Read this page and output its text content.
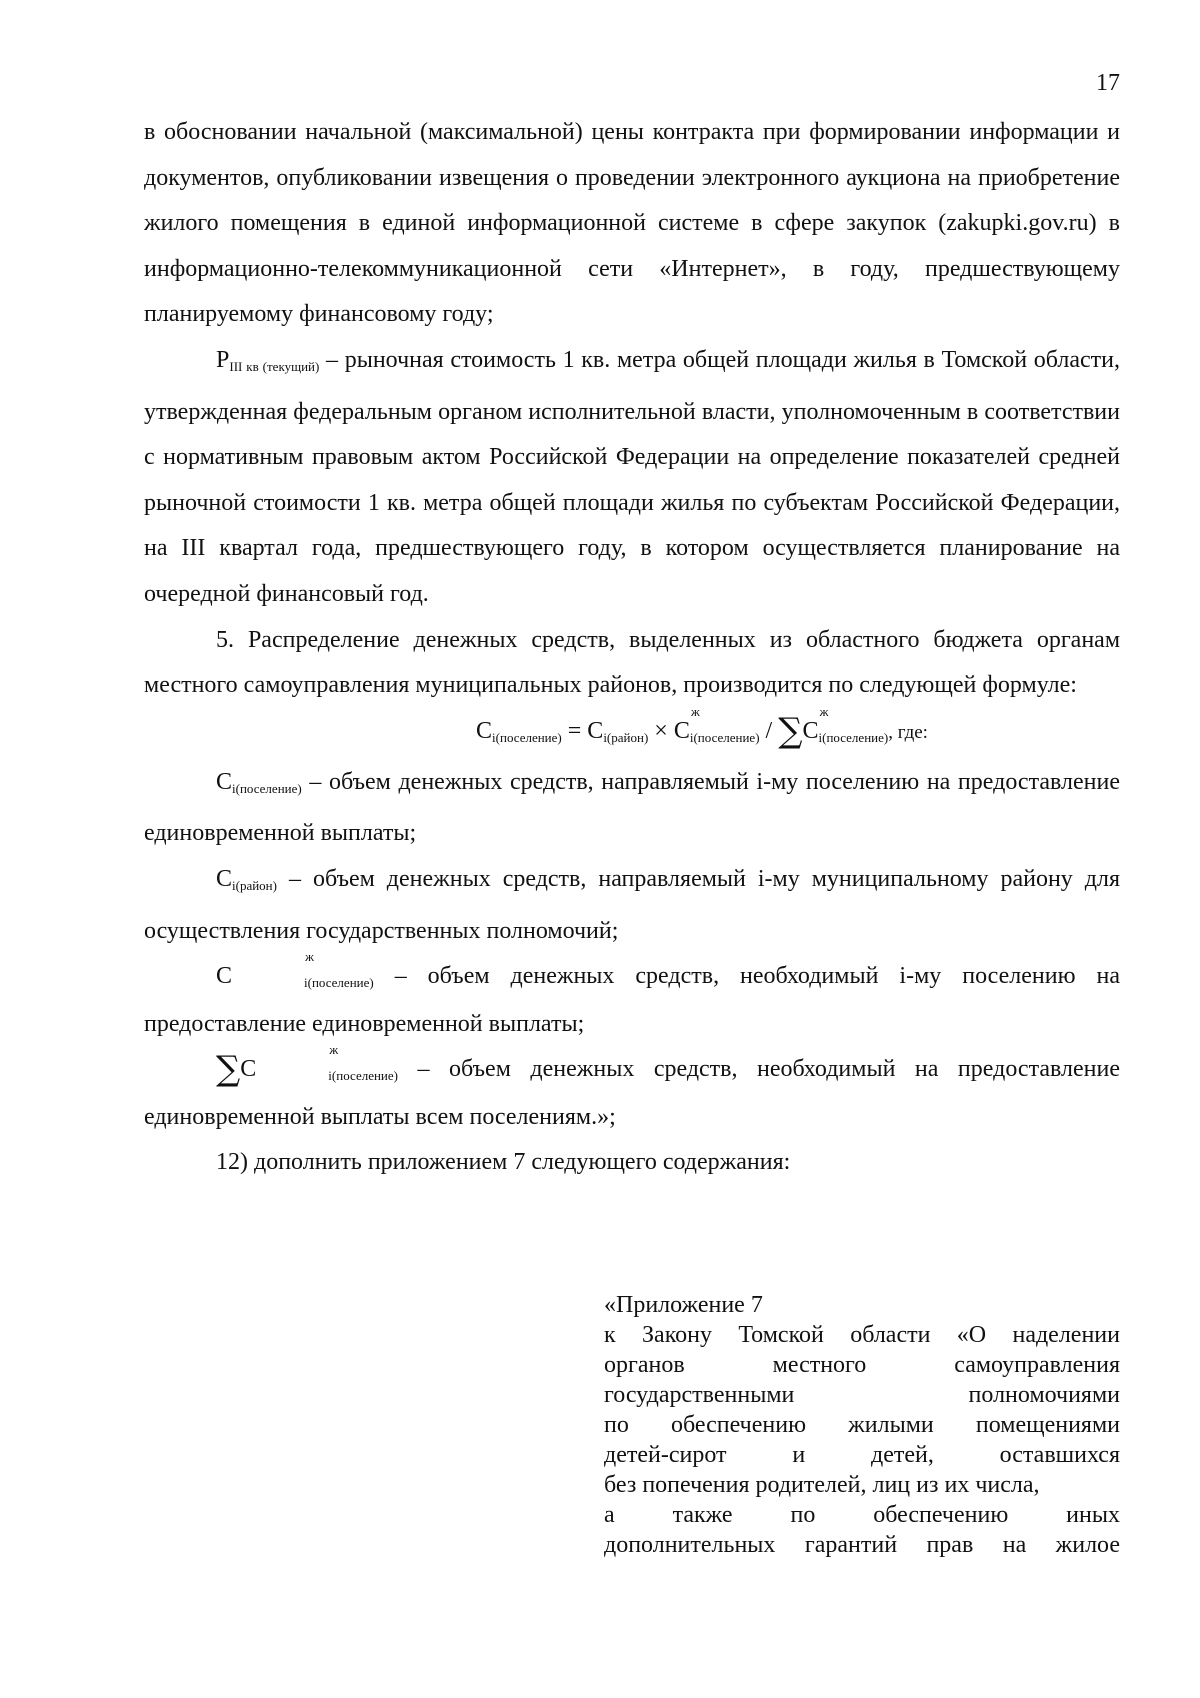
17

в обосновании начальной (максимальной) цены контракта при формировании информации и документов, опубликовании извещения о проведении электронного аукциона на приобретение жилого помещения в единой информационной системе в сфере закупок (zakupki.gov.ru) в информационно-телекоммуникационной сети «Интернет», в году, предшествующему планируемому финансовому году;

$Р_{III кв (текущий)}$ – рыночная стоимость 1 кв. метра общей площади жилья в Томской области, утвержденная федеральным органом исполнительной власти, уполномоченным в соответствии с нормативным правовым актом Российской Федерации на определение показателей средней рыночной стоимости 1 кв. метра общей площади жилья по субъектам Российской Федерации, на III квартал года, предшествующего году, в котором осуществляется планирование на очередной финансовый год.

5. Распределение денежных средств, выделенных из областного бюджета органам местного самоуправления муниципальных районов, производится по следующей формуле:

$С_{i(поселение)} = С_{i(район)} \times С$
ж
i(поселение) / ∑С
ж
i(поселение), где:

$С_{i(поселение)}$ – объем денежных средств, направляемый i-му поселению на предоставление единовременной выплаты;

$С_{i(район)}$ – объем денежных средств, направляемый i-му муниципальному району для осуществления государственных полномочий;

С
ж
i(поселение) – объем денежных средств, необходимый i-му поселению на предоставление единовременной выплаты;

∑С
ж
i(поселение) – объем денежных средств, необходимый на предоставление единовременной выплаты всем поселениям.»;

12) дополнить приложением 7 следующего содержания:

«Приложение 7

к Закону Томской области «О наделении

органов местного самоуправления

государственными полномочиями

по обеспечению жилыми помещениями

детей-сирот и детей, оставшихся

без попечения родителей, лиц из их числа,

а также по обеспечению иных

дополнительных гарантий прав на жилое
